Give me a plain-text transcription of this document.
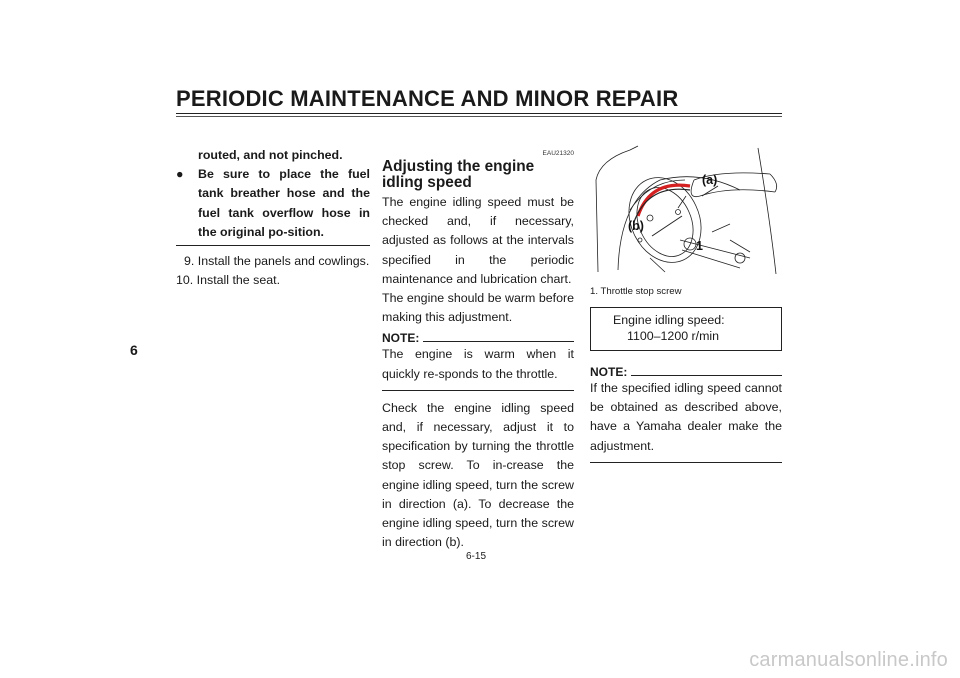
PERIODIC MAINTENANCE AND MINOR REPAIR
6
routed, and not pinched.
●	Be sure to place the fuel tank breather hose and the fuel tank overflow hose in the original po-sition.
9. Install the panels and cowlings.
10. Install the seat.
EAU21320
Adjusting the engine idling speed
The engine idling speed must be checked and, if necessary, adjusted as follows at the intervals specified in the periodic maintenance and lubrication chart.
The engine should be warm before making this adjustment.
NOTE:
The engine is warm when it quickly re-sponds to the throttle.
Check the engine idling speed and, if necessary, adjust it to specification by turning the throttle stop screw. To in-crease the engine idling speed, turn the screw in direction (a). To decrease the engine idling speed, turn the screw in direction (b).
(a)
(b)
1
1. Throttle stop screw
Engine idling speed:
1100–1200 r/min
NOTE:
If the specified idling speed cannot be obtained as described above, have a Yamaha dealer make the adjustment.
6-15
carmanualsonline.info
